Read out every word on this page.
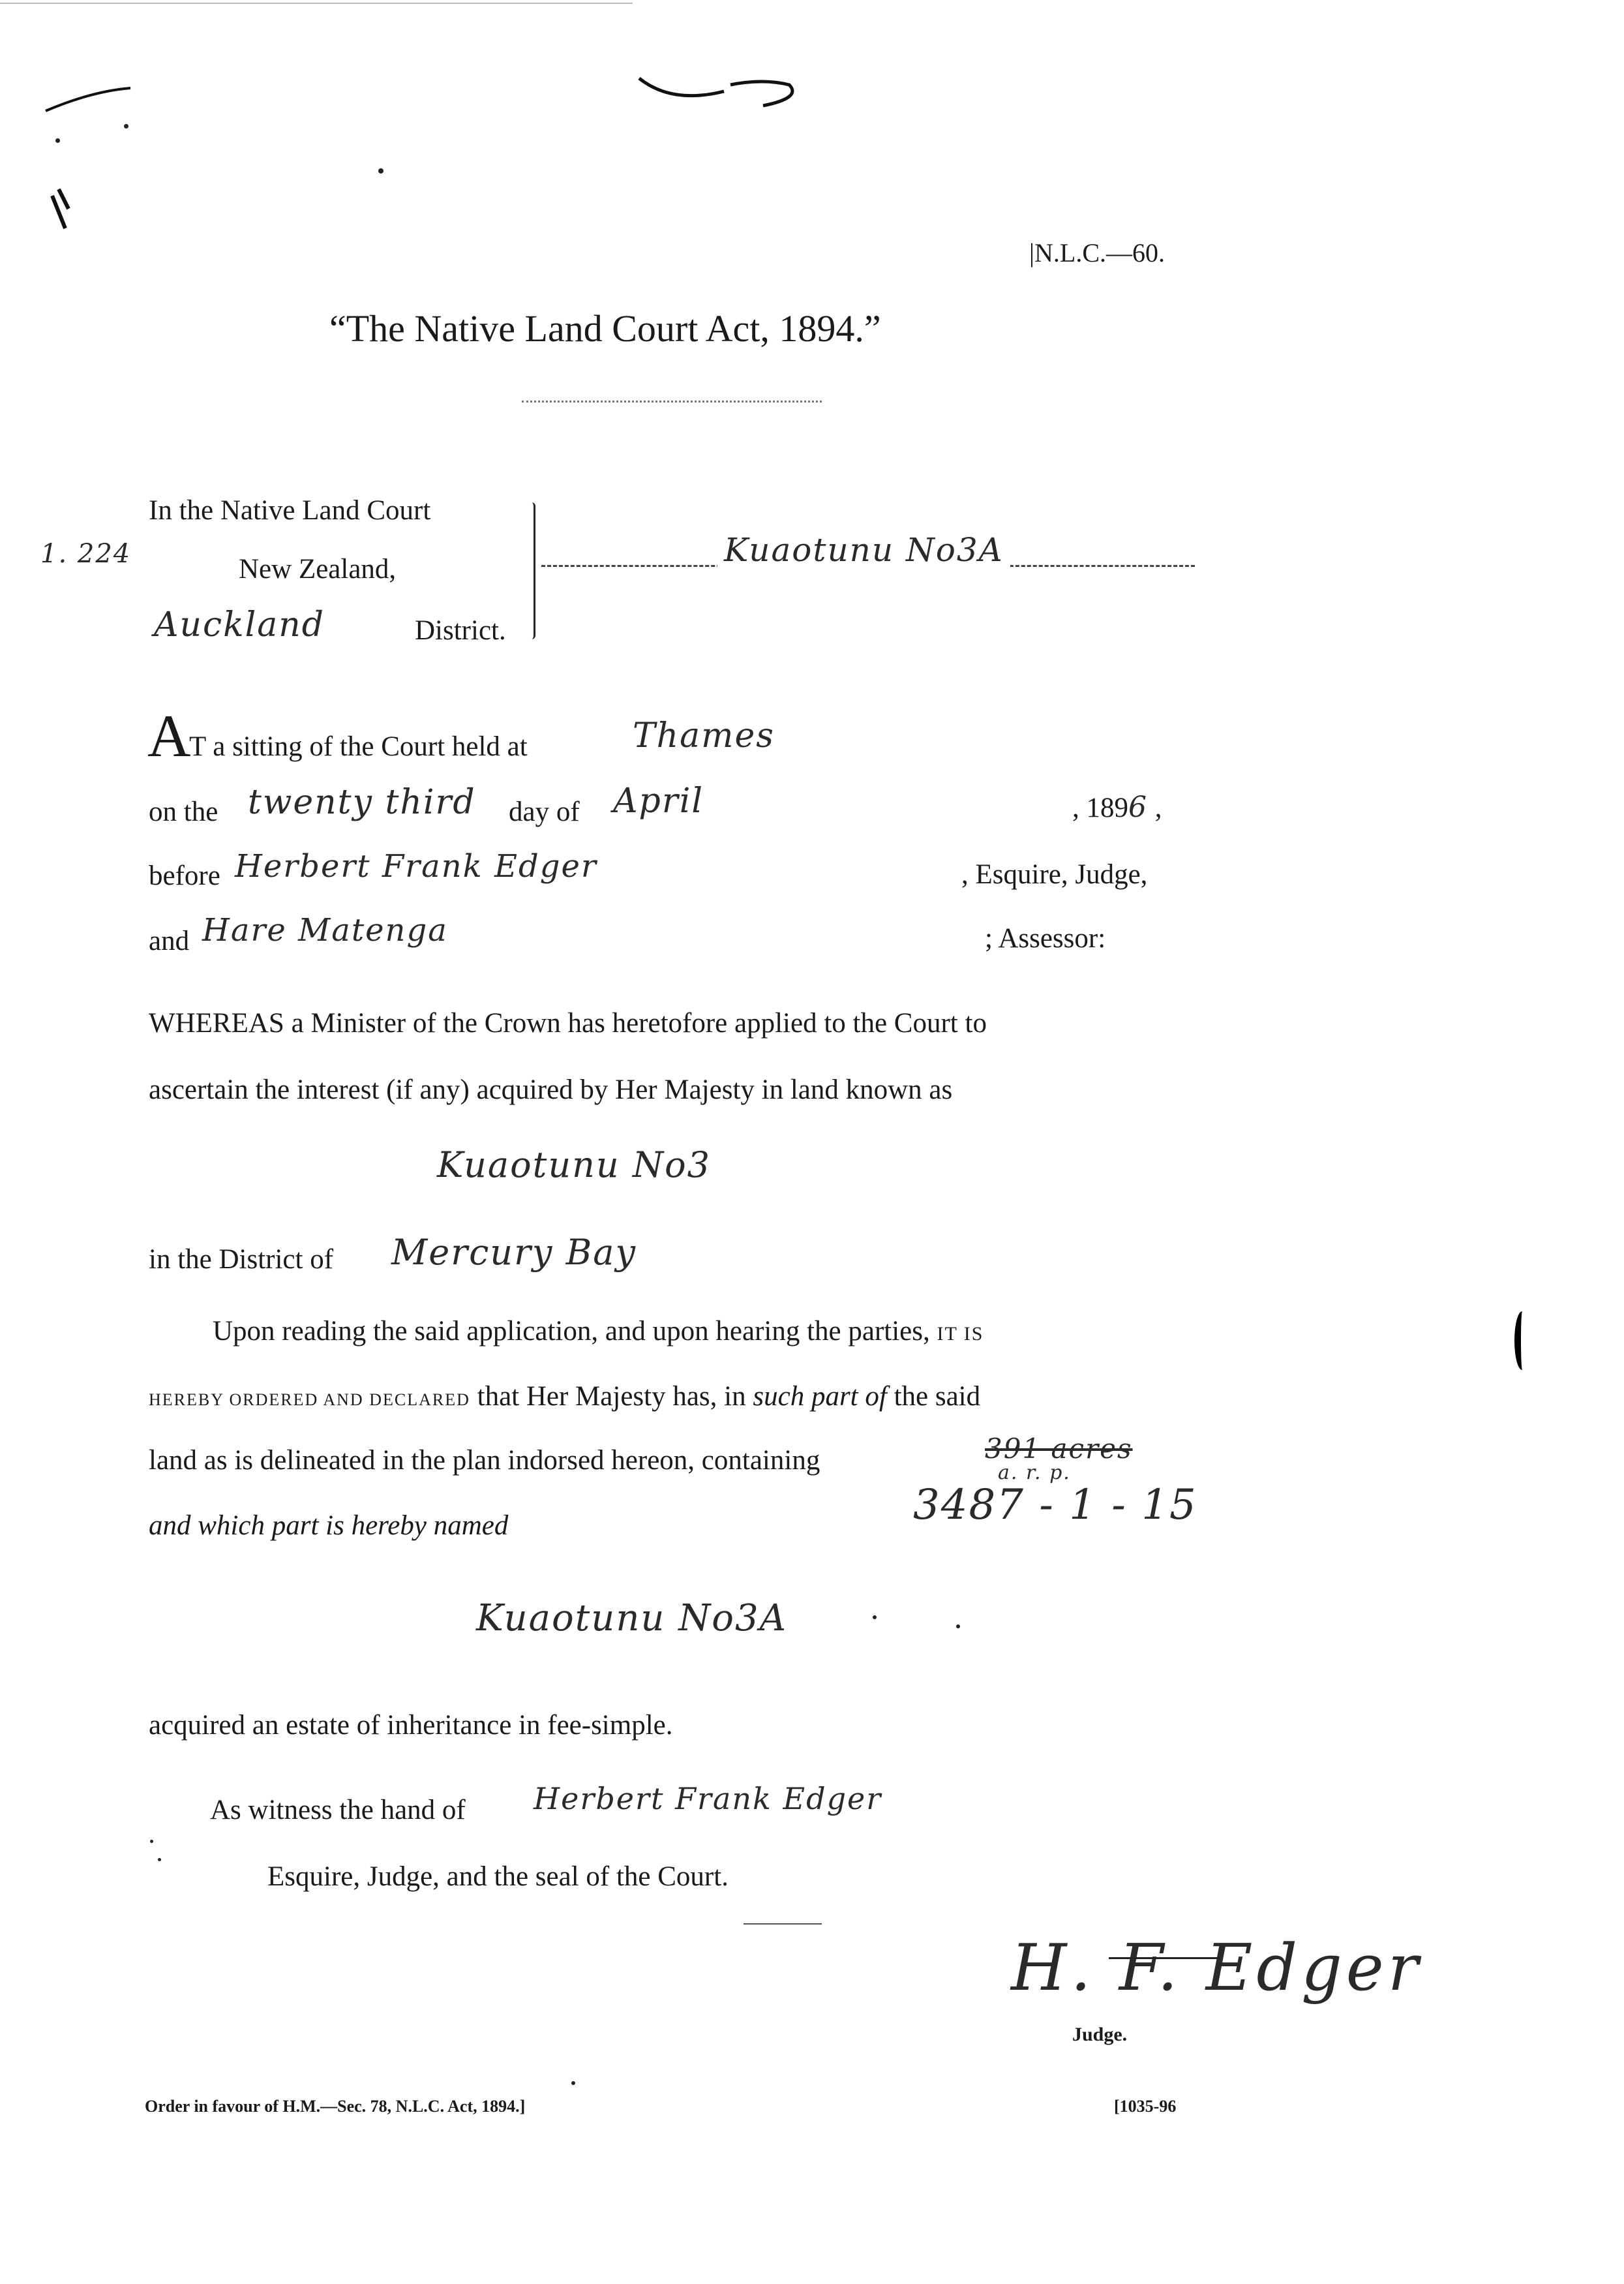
|N.L.C.—60.
“The Native Land Court Act, 1894.”
1. 224
In the Native Land Court
New Zealand,
Auckland	District.
Kuaotunu No3A
A
T a sitting of the Court held at	Thames
on the twenty third day of April	, 1896 ,
before Herbert Frank Edger	, Esquire, Judge,
and Hare Matenga	; Assessor:
WHEREAS a Minister of the Crown has heretofore applied to the Court to
ascertain the interest (if any) acquired by Her Majesty in land known as
Kuaotunu No3
in the District of Mercury Bay
Upon reading the said application, and upon hearing the parties, IT IS
HEREBY ORDERED AND DECLARED that Her Majesty has, in such part of the said
land as is delineated in the plan indorsed hereon, containing	391 acres
a. r. p.
3487 - 1 - 15
and which part is hereby named
Kuaotunu No3A
acquired an estate of inheritance in fee-simple.
As witness the hand of Herbert Frank Edger
Esquire, Judge, and the seal of the Court.
H. F. Edger
Judge.
Order in favour of H.M.—Sec. 78, N.L.C. Act, 1894.]	[1035-96
